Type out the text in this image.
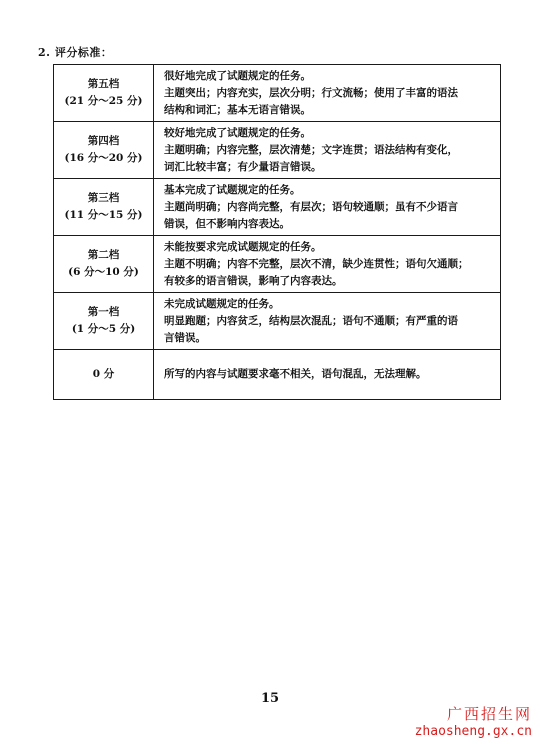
2. 评分标准：
第五档
(21 分～25 分)	很好地完成了试题规定的任务。
主题突出；内容充实，层次分明；行文流畅；使用了丰富的语法
结构和词汇；基本无语言错误。

第四档
(16 分～20 分)	较好地完成了试题规定的任务。
主题明确；内容完整，层次清楚；文字连贯；语法结构有变化，
词汇比较丰富；有少量语言错误。

第三档
(11 分～15 分)	基本完成了试题规定的任务。
主题尚明确；内容尚完整，有层次；语句较通顺；虽有不少语言
错误，但不影响内容表达。

第二档
(6 分～10 分)	未能按要求完成试题规定的任务。
主题不明确；内容不完整，层次不清，缺少连贯性；语句欠通顺；
有较多的语言错误，影响了内容表达。

第一档
(1 分～5 分)	未完成试题规定的任务。
明显跑题；内容贫乏，结构层次混乱；语句不通顺；有严重的语
言错误。

0 分	所写的内容与试题要求毫不相关，语句混乱，无法理解。
15
广西招生网
zhaosheng.gx.cn
